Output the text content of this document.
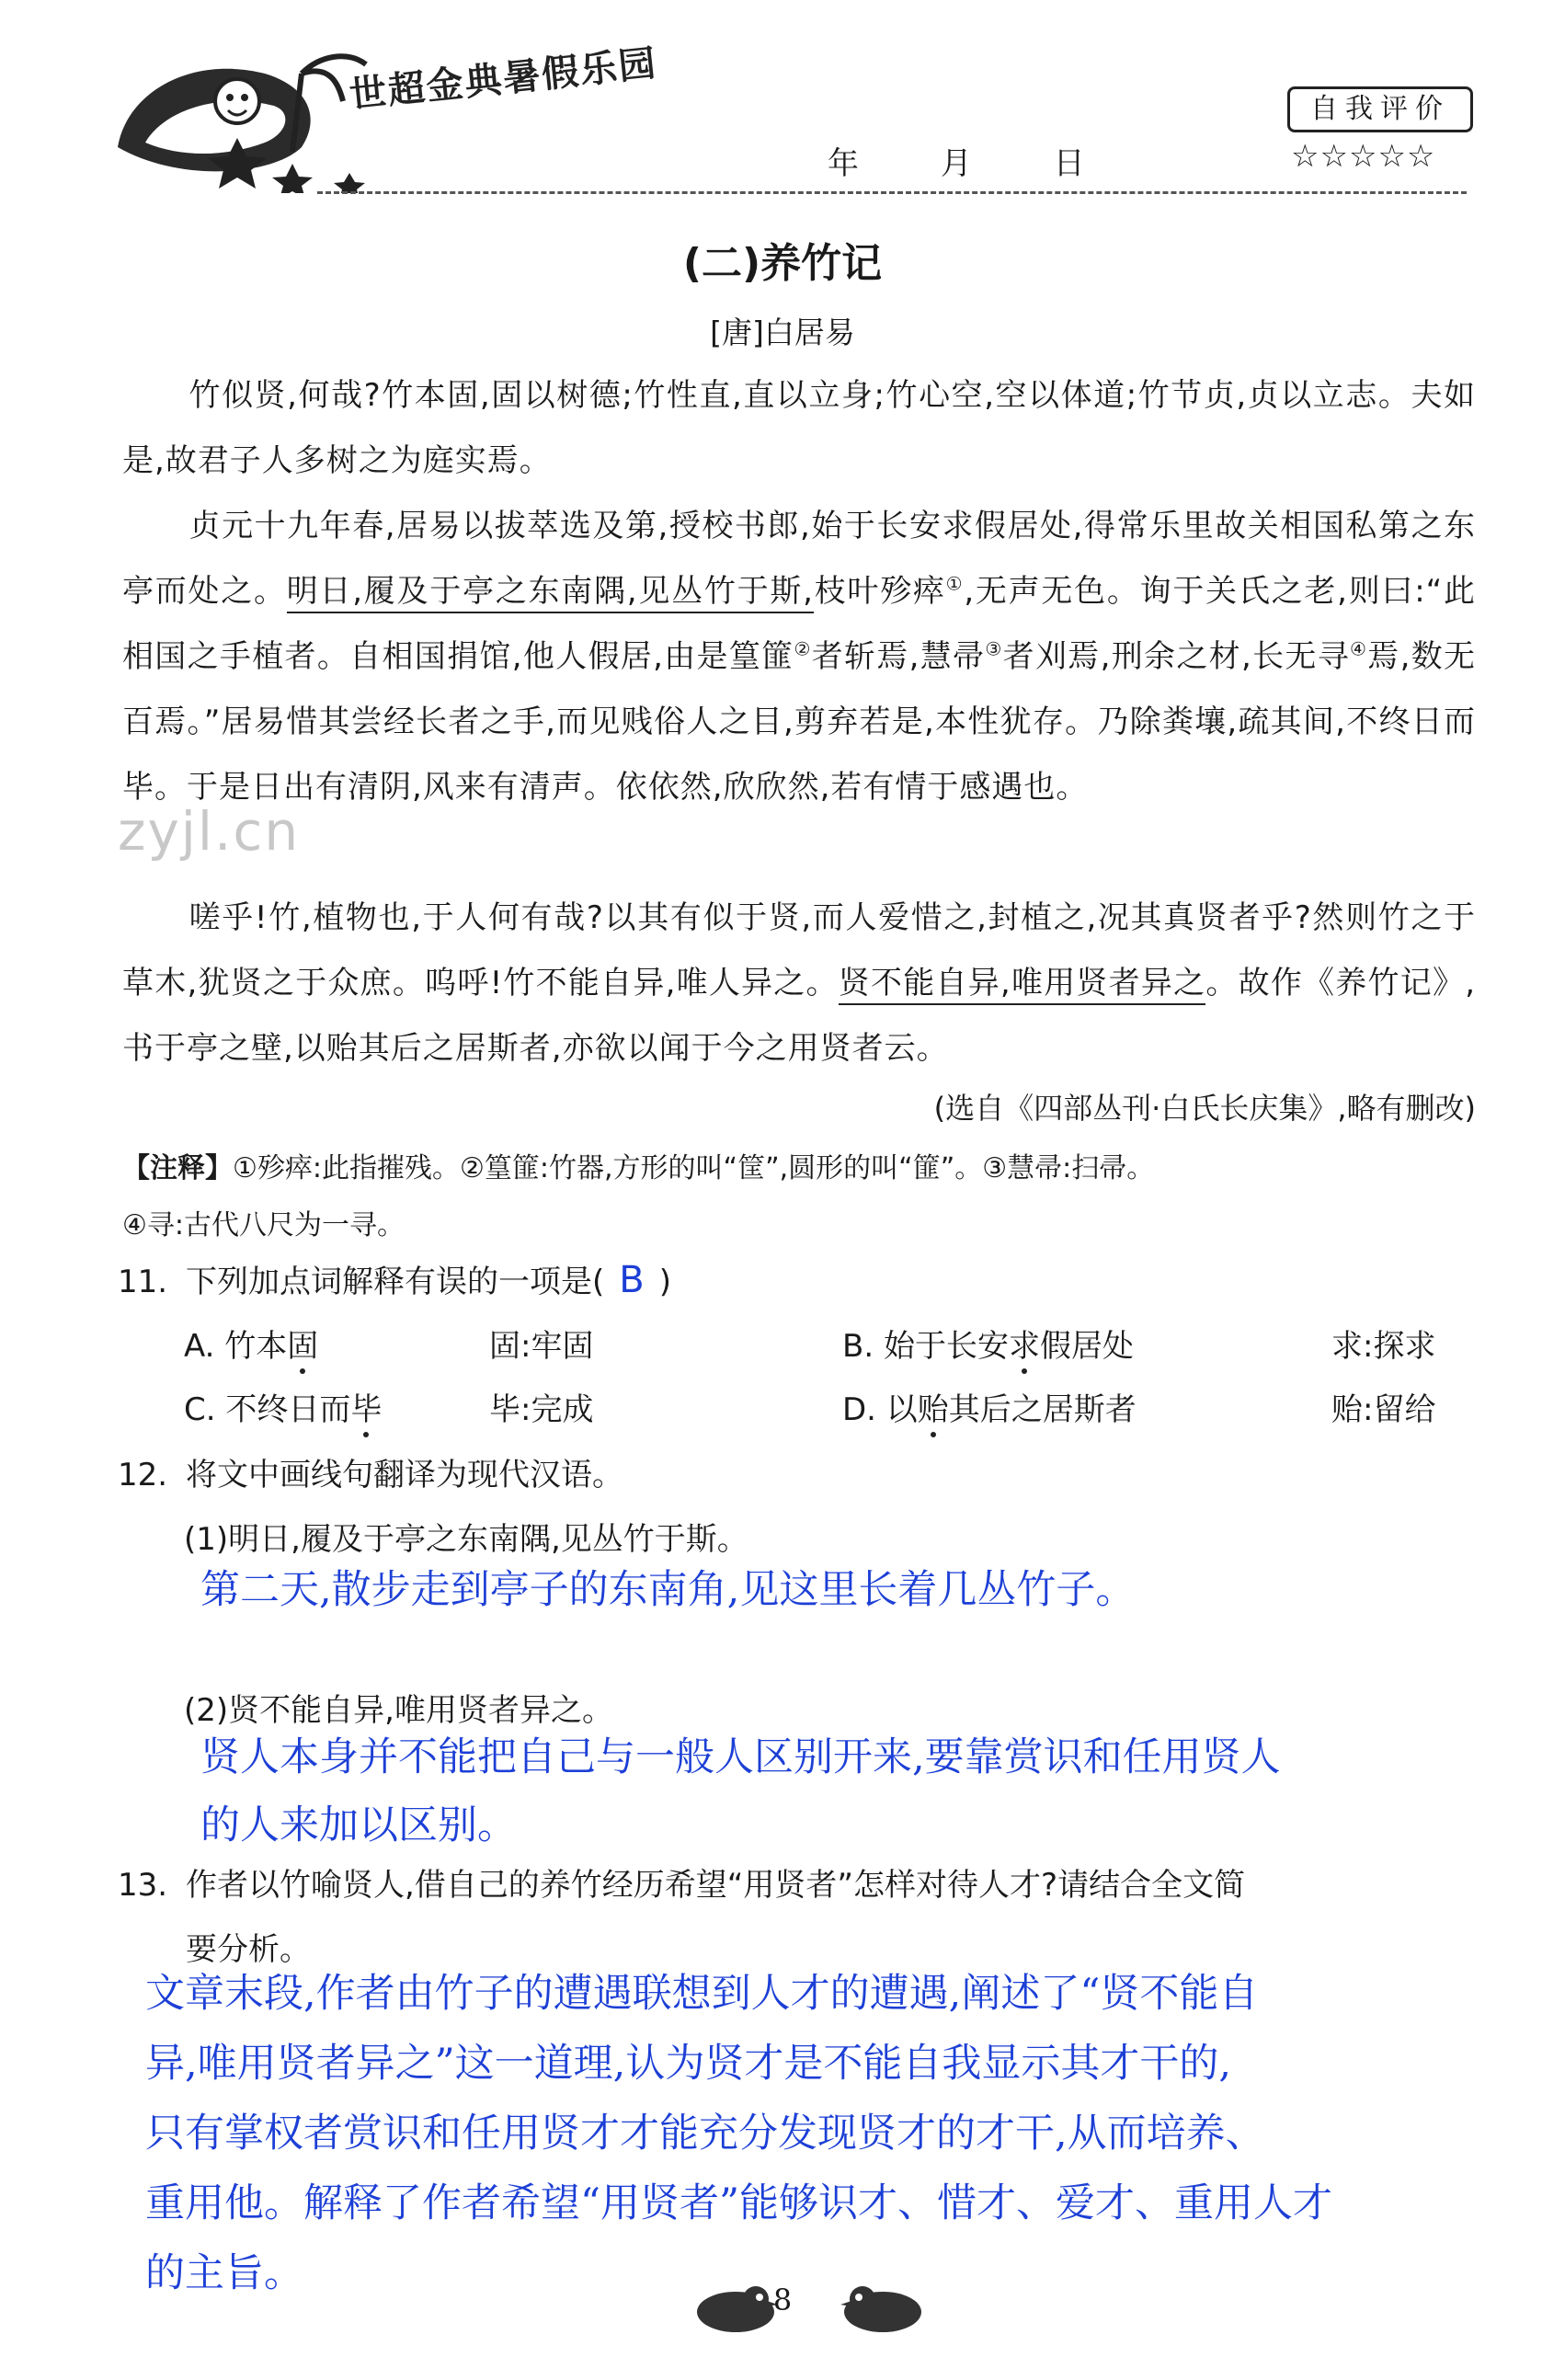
世超金典暑假乐园
年	月	日
自我评价
☆☆☆☆☆
(二)养竹记
[唐]白居易
竹似贤,何哉?竹本固,固以树德;竹性直,直以立身;竹心空,空以体道;竹节贞,贞以立志。夫如是,故君子人多树之为庭实焉。
贞元十九年春,居易以拔萃选及第,授校书郎,始于长安求假居处,得常乐里故关相国私第之东亭而处之。明日,履及于亭之东南隅,见丛竹于斯,枝叶殄瘁①,无声无色。询于关氏之老,则曰:“此相国之手植者。自相国捐馆,他人假居,由是篁篚②者斩焉,慧帚③者刈焉,刑余之材,长无寻④焉,数无百焉。”居易惜其尝经长者之手,而见贱俗人之目,剪弃若是,本性犹存。乃除粪壤,疏其间,不终日而毕。于是日出有清阴,风来有清声。依依然,欣欣然,若有情于感遇也。
嗟乎!竹,植物也,于人何有哉?以其有似于贤,而人爱惜之,封植之,况其真贤者乎?然则竹之于草木,犹贤之于众庶。呜呼!竹不能自异,唯人异之。贤不能自异,唯用贤者异之。故作《养竹记》,书于亭之壁,以贻其后之居斯者,亦欲以闻于今之用贤者云。
(选自《四部丛刊·白氏长庆集》,略有删改)
【注释】①殄瘁:此指摧残。②篁篚:竹器,方形的叫“筐”,圆形的叫“篚”。③慧帚:扫帚。
④寻:古代八尺为一寻。
zyjl.cn
11. 下列加点词解释有误的一项是( B )
A. 竹本固	固:牢固	B. 始于长安求假居处	求:探求
C. 不终日而毕	毕:完成	D. 以贻其后之居斯者	贻:留给
12. 将文中画线句翻译为现代汉语。
(1)明日,履及于亭之东南隅,见丛竹于斯。
第二天,散步走到亭子的东南角,见这里长着几丛竹子。
(2)贤不能自异,唯用贤者异之。
贤人本身并不能把自己与一般人区别开来,要靠赏识和任用贤人
的人来加以区别。
13. 作者以竹喻贤人,借自己的养竹经历希望“用贤者”怎样对待人才?请结合全文简
要分析。
文章末段,作者由竹子的遭遇联想到人才的遭遇,阐述了“贤不能自
异,唯用贤者异之”这一道理,认为贤才是不能自我显示其才干的,
只有掌权者赏识和任用贤才才能充分发现贤才的才干,从而培养、
重用他。解释了作者希望“用贤者”能够识才、惜才、爱才、重用人才
的主旨。
8
